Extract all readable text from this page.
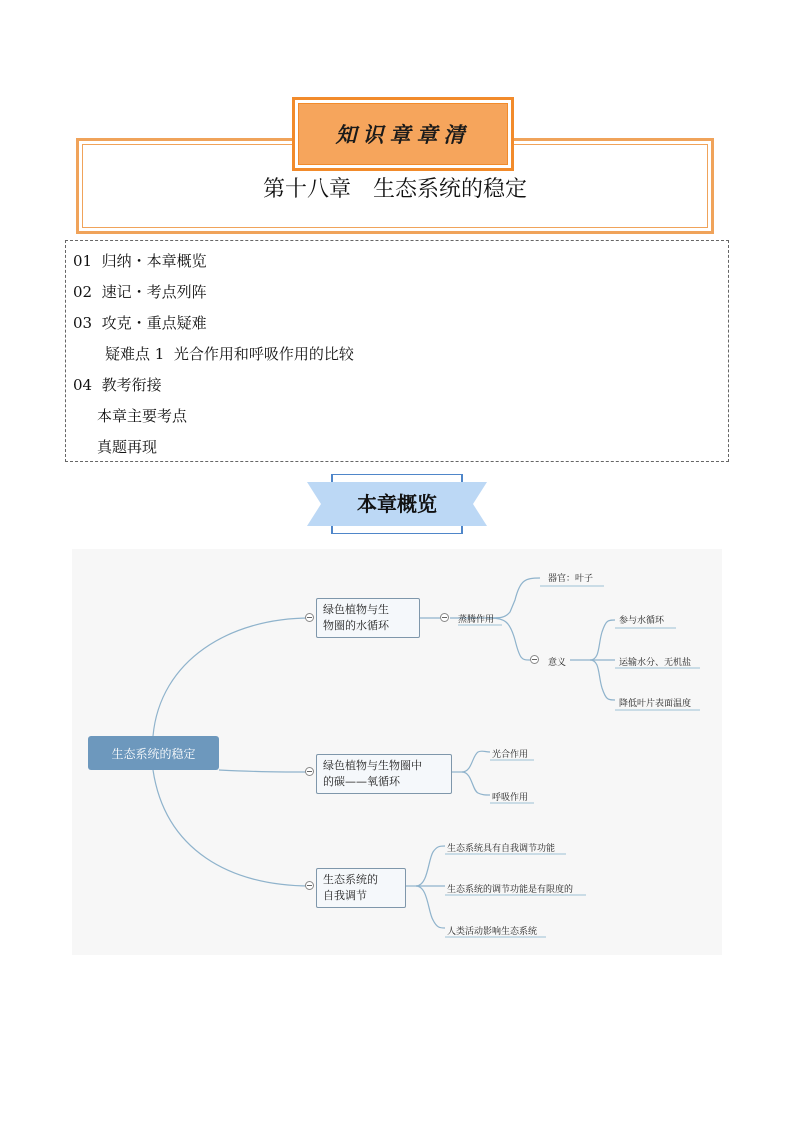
知识章章清
第十八章　生态系统的稳定
01  归纳・本章概览
02  速记・考点列阵
03  攻克・重点疑难
疑难点 1  光合作用和呼吸作用的比较
04  教考衔接
本章主要考点
真题再现
本章概览
生态系统的稳定
绿色植物与生
物圈的水循环	蒸腾作用
器官：叶子
意义
参与水循环
运输水分、无机盐
降低叶片表面温度
绿色植物与生物圈中
的碳——氧循环
光合作用
呼吸作用
生态系统的
自我调节
生态系统具有自我调节功能
生态系统的调节功能是有限度的
人类活动影响生态系统
